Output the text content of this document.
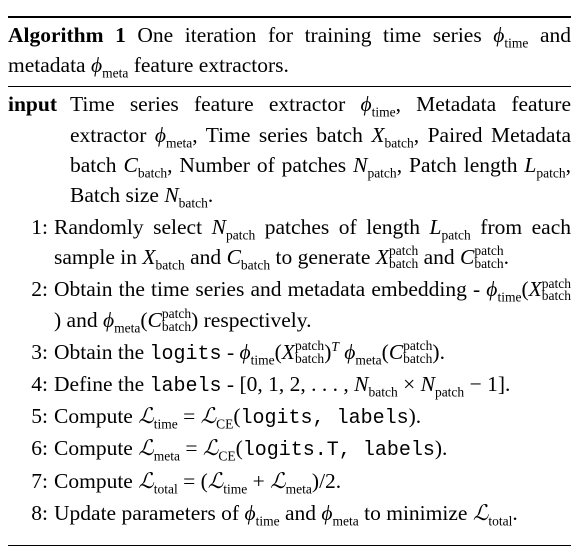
Algorithm 1 One iteration for training time series $\phi_{time}$ and metadata $\phi_{meta}$ feature extractors.
input Time series feature extractor $\phi_{time}$, Metadata feature extractor $\phi_{meta}$, Time series batch $X_{batch}$, Paired Metadata batch $C_{batch}$, Number of patches $N_{patch}$, Patch length $L_{patch}$, Batch size $N_{batch}$.
1: Randomly select $N_{patch}$ patches of length $L_{patch}$ from each sample in $X_{batch}$ and $C_{batch}$ to generate X patch
batch and C patch
batch .
2: Obtain the time series and metadata embedding - $\phi_{time}(X$ patch
batch
) and $\phi_{meta}(C$ patch
batch ) respectively.
3: Obtain the logits - $\phi_{time}(X$ patch
batch )$^T$ $\phi_{meta}(C$ patch
batch ).
4: Define the labels - [0, 1, 2, . . . , $N_{batch} \times N_{patch} - 1$].
5: Compute ℒ$_{time}$ = ℒ$_{CE}$(logits, labels).
6: Compute ℒ$_{meta}$ = ℒ$_{CE}$(logits.T, labels).
7: Compute ℒ$_{total}$ = (ℒ$_{time}$ + ℒ$_{meta}$)/2.
8: Update parameters of $\phi_{time}$ and $\phi_{meta}$ to minimize ℒ$_{total}$.
